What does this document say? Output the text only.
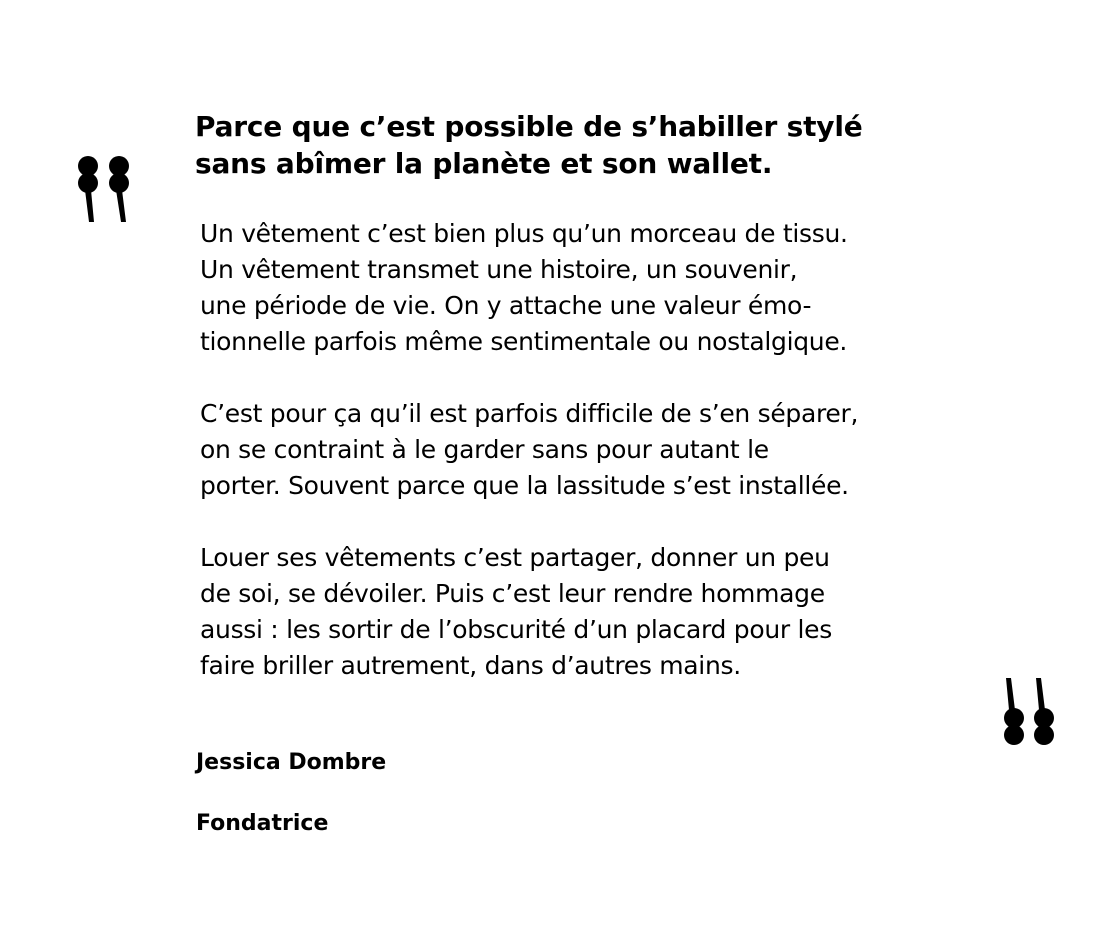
Parce que c’est possible de s’habiller stylé
sans abîmer la planète et son wallet.

Un vêtement c’est bien plus qu’un morceau de tissu.
Un vêtement transmet une histoire, un souvenir,
une période de vie. On y attache une valeur émo-
tionnelle parfois même sentimentale ou nostalgique.

C’est pour ça qu’il est parfois difficile de s’en séparer,
on se contraint à le garder sans pour autant le
porter. Souvent parce que la lassitude s’est installée.

Louer ses vêtements c’est partager, donner un peu
de soi, se dévoiler. Puis c’est leur rendre hommage
aussi : les sortir de l’obscurité d’un placard pour les
faire briller autrement, dans d’autres mains.

Jessica Dombre

Fondatrice
